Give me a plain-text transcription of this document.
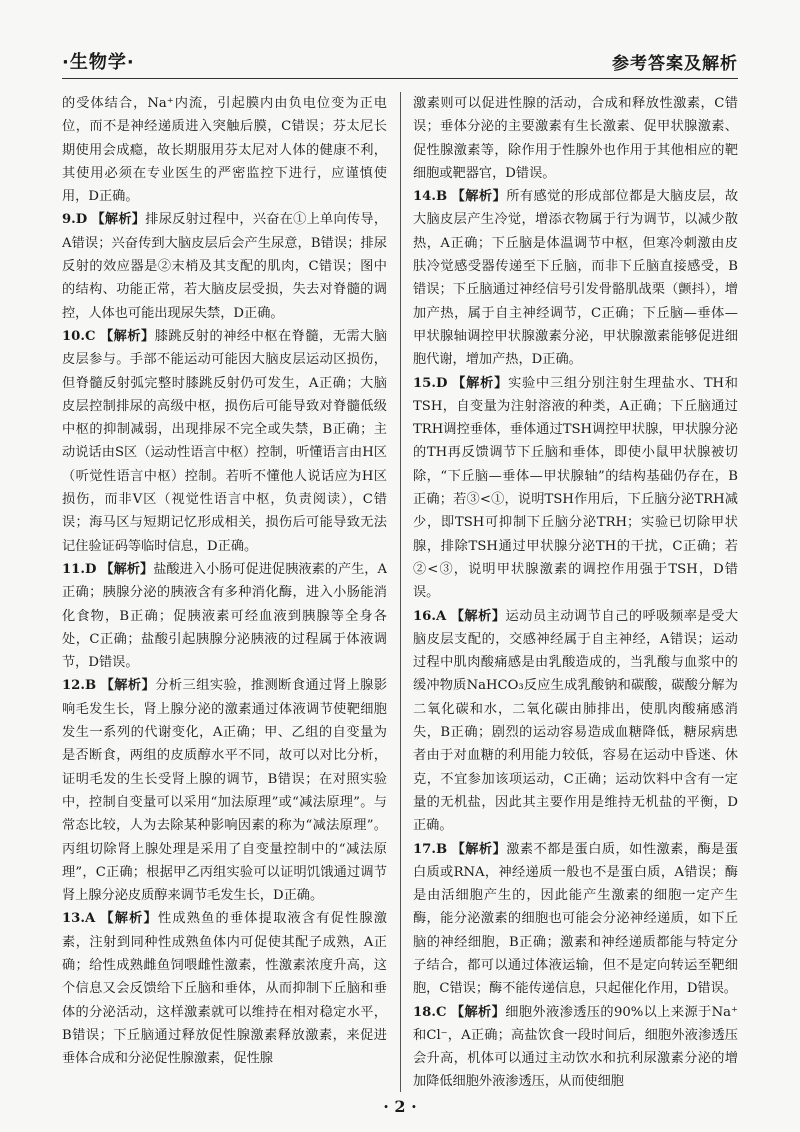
·生物学·	参考答案及解析

的受体结合，Na⁺内流，引起膜内由负电位变为正电位，而不是神经递质进入突触后膜，C错误；芬太尼长期使用会成瘾，故长期服用芬太尼对人体的健康不利，其使用必须在专业医生的严密监控下进行，应谨慎使用，D正确。

9.D 【解析】排尿反射过程中，兴奋在①上单向传导，A错误；兴奋传到大脑皮层后会产生尿意，B错误；排尿反射的效应器是②末梢及其支配的肌肉，C错误；图中的结构、功能正常，若大脑皮层受损，失去对脊髓的调控，人体也可能出现尿失禁，D正确。

10.C 【解析】膝跳反射的神经中枢在脊髓，无需大脑皮层参与。手部不能运动可能因大脑皮层运动区损伤，但脊髓反射弧完整时膝跳反射仍可发生，A正确；大脑皮层控制排尿的高级中枢，损伤后可能导致对脊髓低级中枢的抑制减弱，出现排尿不完全或失禁，B正确；主动说话由S区（运动性语言中枢）控制，听懂语言由H区（听觉性语言中枢）控制。若听不懂他人说话应为H区损伤，而非V区（视觉性语言中枢，负责阅读），C错误；海马区与短期记忆形成相关，损伤后可能导致无法记住验证码等临时信息，D正确。

11.D 【解析】盐酸进入小肠可促进促胰液素的产生，A正确；胰腺分泌的胰液含有多种消化酶，进入小肠能消化食物，B正确；促胰液素可经血液到胰腺等全身各处，C正确；盐酸引起胰腺分泌胰液的过程属于体液调节，D错误。

12.B 【解析】分析三组实验，推测断食通过肾上腺影响毛发生长，肾上腺分泌的激素通过体液调节使靶细胞发生一系列的代谢变化，A正确；甲、乙组的自变量为是否断食，两组的皮质醇水平不同，故可以对比分析，证明毛发的生长受肾上腺的调节，B错误；在对照实验中，控制自变量可以采用“加法原理”或“减法原理”。与常态比较，人为去除某种影响因素的称为“减法原理”。丙组切除肾上腺处理是采用了自变量控制中的“减法原理”，C正确；根据甲乙丙组实验可以证明饥饿通过调节肾上腺分泌皮质醇来调节毛发生长，D正确。

13.A 【解析】性成熟鱼的垂体提取液含有促性腺激素，注射到同种性成熟鱼体内可促使其配子成熟，A正确；给性成熟雌鱼饲喂雌性激素，性激素浓度升高，这个信息又会反馈给下丘脑和垂体，从而抑制下丘脑和垂体的分泌活动，这样激素就可以维持在相对稳定水平，B错误；下丘脑通过释放促性腺激素释放激素，来促进垂体合成和分泌促性腺激素，促性腺

激素则可以促进性腺的活动，合成和释放性激素，C错误；垂体分泌的主要激素有生长激素、促甲状腺激素、促性腺激素等，除作用于性腺外也作用于其他相应的靶细胞或靶器官，D错误。

14.B 【解析】所有感觉的形成部位都是大脑皮层，故大脑皮层产生冷觉，增添衣物属于行为调节，以减少散热，A正确；下丘脑是体温调节中枢，但寒冷刺激由皮肤冷觉感受器传递至下丘脑，而非下丘脑直接感受，B错误；下丘脑通过神经信号引发骨骼肌战栗（颤抖），增加产热，属于自主神经调节，C正确；下丘脑—垂体—甲状腺轴调控甲状腺激素分泌，甲状腺激素能够促进细胞代谢，增加产热，D正确。

15.D 【解析】实验中三组分别注射生理盐水、TH和TSH，自变量为注射溶液的种类，A正确；下丘脑通过TRH调控垂体，垂体通过TSH调控甲状腺，甲状腺分泌的TH再反馈调节下丘脑和垂体，即使小鼠甲状腺被切除，“下丘脑—垂体—甲状腺轴”的结构基础仍存在，B正确；若③<①，说明TSH作用后，下丘脑分泌TRH减少，即TSH可抑制下丘脑分泌TRH；实验已切除甲状腺，排除TSH通过甲状腺分泌TH的干扰，C正确；若②<③，说明甲状腺激素的调控作用强于TSH，D错误。

16.A 【解析】运动员主动调节自己的呼吸频率是受大脑皮层支配的，交感神经属于自主神经，A错误；运动过程中肌肉酸痛感是由乳酸造成的，当乳酸与血浆中的缓冲物质NaHCO₃反应生成乳酸钠和碳酸，碳酸分解为二氧化碳和水，二氧化碳由肺排出，使肌肉酸痛感消失，B正确；剧烈的运动容易造成血糖降低，糖尿病患者由于对血糖的利用能力较低，容易在运动中昏迷、休克，不宜参加该项运动，C正确；运动饮料中含有一定量的无机盐，因此其主要作用是维持无机盐的平衡，D正确。

17.B 【解析】激素不都是蛋白质，如性激素，酶是蛋白质或RNA，神经递质一般也不是蛋白质，A错误；酶是由活细胞产生的，因此能产生激素的细胞一定产生酶，能分泌激素的细胞也可能会分泌神经递质，如下丘脑的神经细胞，B正确；激素和神经递质都能与特定分子结合，都可以通过体液运输，但不是定向转运至靶细胞，C错误；酶不能传递信息，只起催化作用，D错误。

18.C 【解析】细胞外液渗透压的90%以上来源于Na⁺和Cl⁻，A正确；高盐饮食一段时间后，细胞外液渗透压会升高，机体可以通过主动饮水和抗利尿激素分泌的增加降低细胞外液渗透压，从而使细胞

· 2 ·
